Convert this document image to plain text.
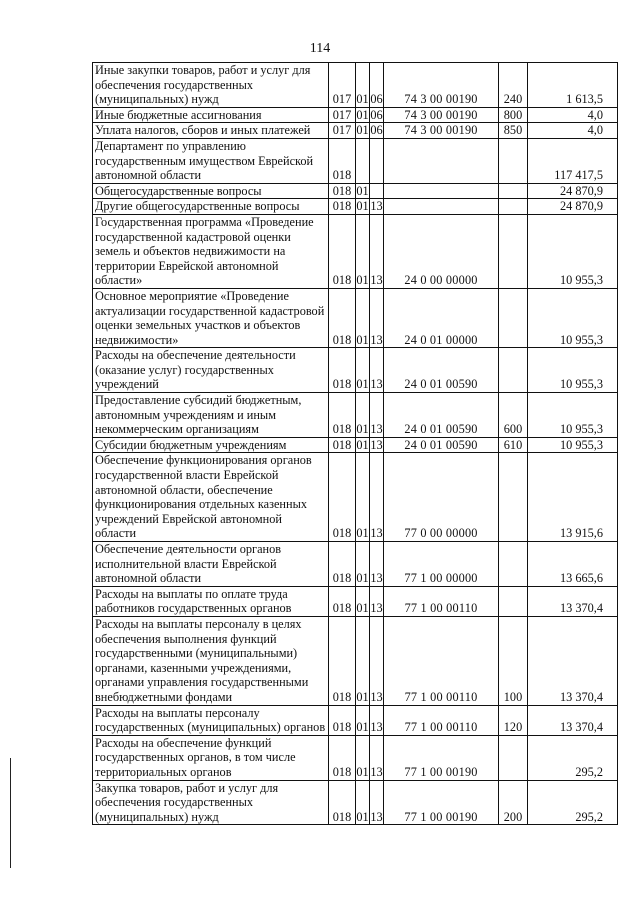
114
Иные закупки товаров, работ и услуг для обеспечения государственных (муниципальных) нужд	017	01	06	74 3 00 00190	240	1 613,5
Иные бюджетные ассигнования	017	01	06	74 3 00 00190	800	4,0
Уплата налогов, сборов и иных платежей	017	01	06	74 3 00 00190	850	4,0
Департамент по управлению государственным имуществом Еврейской автономной области	018					117 417,5
Общегосударственные вопросы	018	01				24 870,9
Другие общегосударственные вопросы	018	01	13			24 870,9
Государственная программа «Проведение государственной кадастровой оценки земель и объектов недвижимости на территории Еврейской автономной области»	018	01	13	24 0 00 00000		10 955,3
Основное мероприятие «Проведение актуализации государственной кадастровой оценки земельных участков и объектов недвижимости»	018	01	13	24 0 01 00000		10 955,3
Расходы на обеспечение деятельности (оказание услуг) государственных учреждений	018	01	13	24 0 01 00590		10 955,3
Предоставление субсидий бюджетным, автономным учреждениям и иным некоммерческим организациям	018	01	13	24 0 01 00590	600	10 955,3
Субсидии бюджетным учреждениям	018	01	13	24 0 01 00590	610	10 955,3
Обеспечение функционирования органов государственной власти Еврейской автономной области, обеспечение функционирования отдельных казенных учреждений Еврейской автономной области	018	01	13	77 0 00 00000		13 915,6
Обеспечение деятельности органов исполнительной власти Еврейской автономной области	018	01	13	77 1 00 00000		13 665,6
Расходы на выплаты по оплате труда работников государственных органов	018	01	13	77 1 00 00110		13 370,4
Расходы на выплаты персоналу в целях обеспечения выполнения функций государственными (муниципальными) органами, казенными учреждениями, органами управления государственными внебюджетными фондами	018	01	13	77 1 00 00110	100	13 370,4
Расходы на выплаты персоналу государственных (муниципальных) органов	018	01	13	77 1 00 00110	120	13 370,4
Расходы на обеспечение функций государственных органов, в том числе территориальных органов	018	01	13	77 1 00 00190		295,2
Закупка товаров, работ и услуг для обеспечения государственных (муниципальных) нужд	018	01	13	77 1 00 00190	200	295,2
